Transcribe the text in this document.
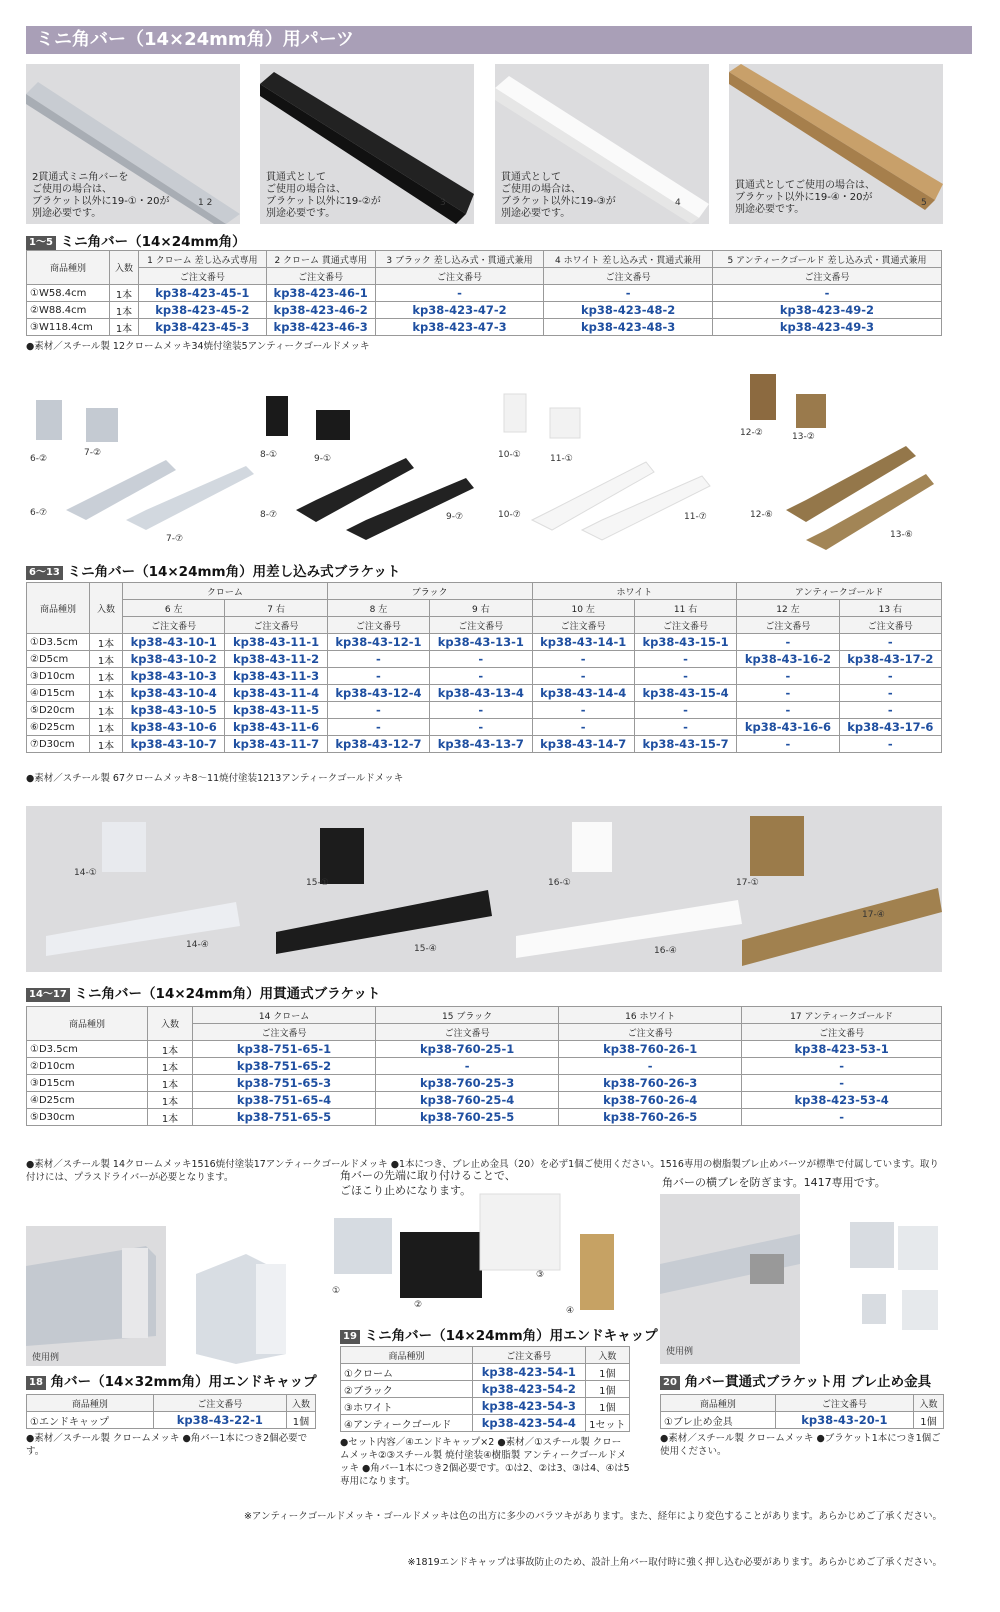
ミニ角バー（14×24mm角）用パーツ
2貫通式ミニ角バーを
ご使用の場合は、
ブラケット以外に19-①・20が
別途必要です。
1 2
貫通式として
ご使用の場合は、
ブラケット以外に19-②が
別途必要です。
3
貫通式として
ご使用の場合は、
ブラケット以外に19-③が
別途必要です。
4
貫通式としてご使用の場合は、
ブラケット以外に19-④・20が
別途必要です。
5
1～5 ミニ角バー（14×24mm角）
商品種別	入数	1 クローム 差し込み式専用	2 クローム 貫通式専用	3 ブラック 差し込み式・貫通式兼用	4 ホワイト 差し込み式・貫通式兼用	5 アンティークゴールド 差し込み式・貫通式兼用
		ご注文番号	ご注文番号	ご注文番号	ご注文番号	ご注文番号
①W58.4cm	1本	kp38-423-45-1	kp38-423-46-1	-	-	-
②W88.4cm	1本	kp38-423-45-2	kp38-423-46-2	kp38-423-47-2	kp38-423-48-2	kp38-423-49-2
③W118.4cm	1本	kp38-423-45-3	kp38-423-46-3	kp38-423-47-3	kp38-423-48-3	kp38-423-49-3
●素材／スチール製 12クロームメッキ34焼付塗装5アンティークゴールドメッキ
6-②
7-②
6-⑦
7-⑦
8-①	9-①
8-⑦	9-⑦
10-①	11-①
10-⑦	11-⑦
12-②	13-②
12-⑥
13-⑥
6～13 ミニ角バー（14×24mm角）用差し込み式ブラケット
商品種別	入数	クローム		ブラック		ホワイト		アンティークゴールド	
		6 左	7 右	8 左	9 右	10 左	11 右	12 左	13 右
		ご注文番号	ご注文番号	ご注文番号	ご注文番号	ご注文番号	ご注文番号	ご注文番号	ご注文番号
①D3.5cm	1本	kp38-43-10-1	kp38-43-11-1	kp38-43-12-1	kp38-43-13-1	kp38-43-14-1	kp38-43-15-1	-	-
②D5cm	1本	kp38-43-10-2	kp38-43-11-2	-	-	-	-	kp38-43-16-2	kp38-43-17-2
③D10cm	1本	kp38-43-10-3	kp38-43-11-3	-	-	-	-	-	-
④D15cm	1本	kp38-43-10-4	kp38-43-11-4	kp38-43-12-4	kp38-43-13-4	kp38-43-14-4	kp38-43-15-4	-	-
⑤D20cm	1本	kp38-43-10-5	kp38-43-11-5	-	-	-	-	-	-
⑥D25cm	1本	kp38-43-10-6	kp38-43-11-6	-	-	-	-	kp38-43-16-6	kp38-43-17-6
⑦D30cm	1本	kp38-43-10-7	kp38-43-11-7	kp38-43-12-7	kp38-43-13-7	kp38-43-14-7	kp38-43-15-7	-	-
●素材／スチール製 67クロームメッキ8～11焼付塗装1213アンティークゴールドメッキ
14-①
14-④
15-①
15-④
16-①
16-④
17-①
17-④
14～17 ミニ角バー（14×24mm角）用貫通式ブラケット
商品種別	入数	14 クローム	15 ブラック	16 ホワイト	17 アンティークゴールド
		ご注文番号	ご注文番号	ご注文番号	ご注文番号
①D3.5cm	1本	kp38-751-65-1	kp38-760-25-1	kp38-760-26-1	kp38-423-53-1
②D10cm	1本	kp38-751-65-2	-	-	-
③D15cm	1本	kp38-751-65-3	kp38-760-25-3	kp38-760-26-3	-
④D25cm	1本	kp38-751-65-4	kp38-760-25-4	kp38-760-26-4	kp38-423-53-4
⑤D30cm	1本	kp38-751-65-5	kp38-760-25-5	kp38-760-26-5	-
●素材／スチール製 14クロームメッキ1516焼付塗装17アンティークゴールドメッキ ●1本につき、ブレ止め金具（20）を必ず1個ご使用ください。1516専用の樹脂製ブレ止めパーツが標準で付属しています。取り付けには、プラスドライバーが必要となります。
使用例
18 角バー（14×32mm角）用エンドキャップ
商品種別	ご注文番号	入数
①エンドキャップ	kp38-43-22-1	1個
●素材／スチール製 クロームメッキ ●角バー1本につき2個必要です。
角バーの先端に取り付けることで、
ごほこり止めになります。
①
②
③
④
19 ミニ角バー（14×24mm角）用エンドキャップ
商品種別	ご注文番号	入数
①クローム	kp38-423-54-1	1個
②ブラック	kp38-423-54-2	1個
③ホワイト	kp38-423-54-3	1個
④アンティークゴールド	kp38-423-54-4	1セット
●セット内容／④エンドキャップ×2 ●素材／①スチール製 クロームメッキ②③スチール製 焼付塗装④樹脂製 アンティークゴールドメッキ ●角バー1本につき2個必要です。①は2、②は3、③は4、④は5専用になります。
角バーの横ブレを防ぎます。1417専用です。
使用例
20 角バー貫通式ブラケット用 ブレ止め金具
商品種別	ご注文番号	入数
①ブレ止め金具	kp38-43-20-1	1個
●素材／スチール製 クロームメッキ ●ブラケット1本につき1個ご使用ください。
※アンティークゴールドメッキ・ゴールドメッキは色の出方に多少のバラツキがあります。また、経年により変色することがあります。あらかじめご了承ください。
※1819エンドキャップは事故防止のため、設計上角バー取付時に強く押し込む必要があります。あらかじめご了承ください。
